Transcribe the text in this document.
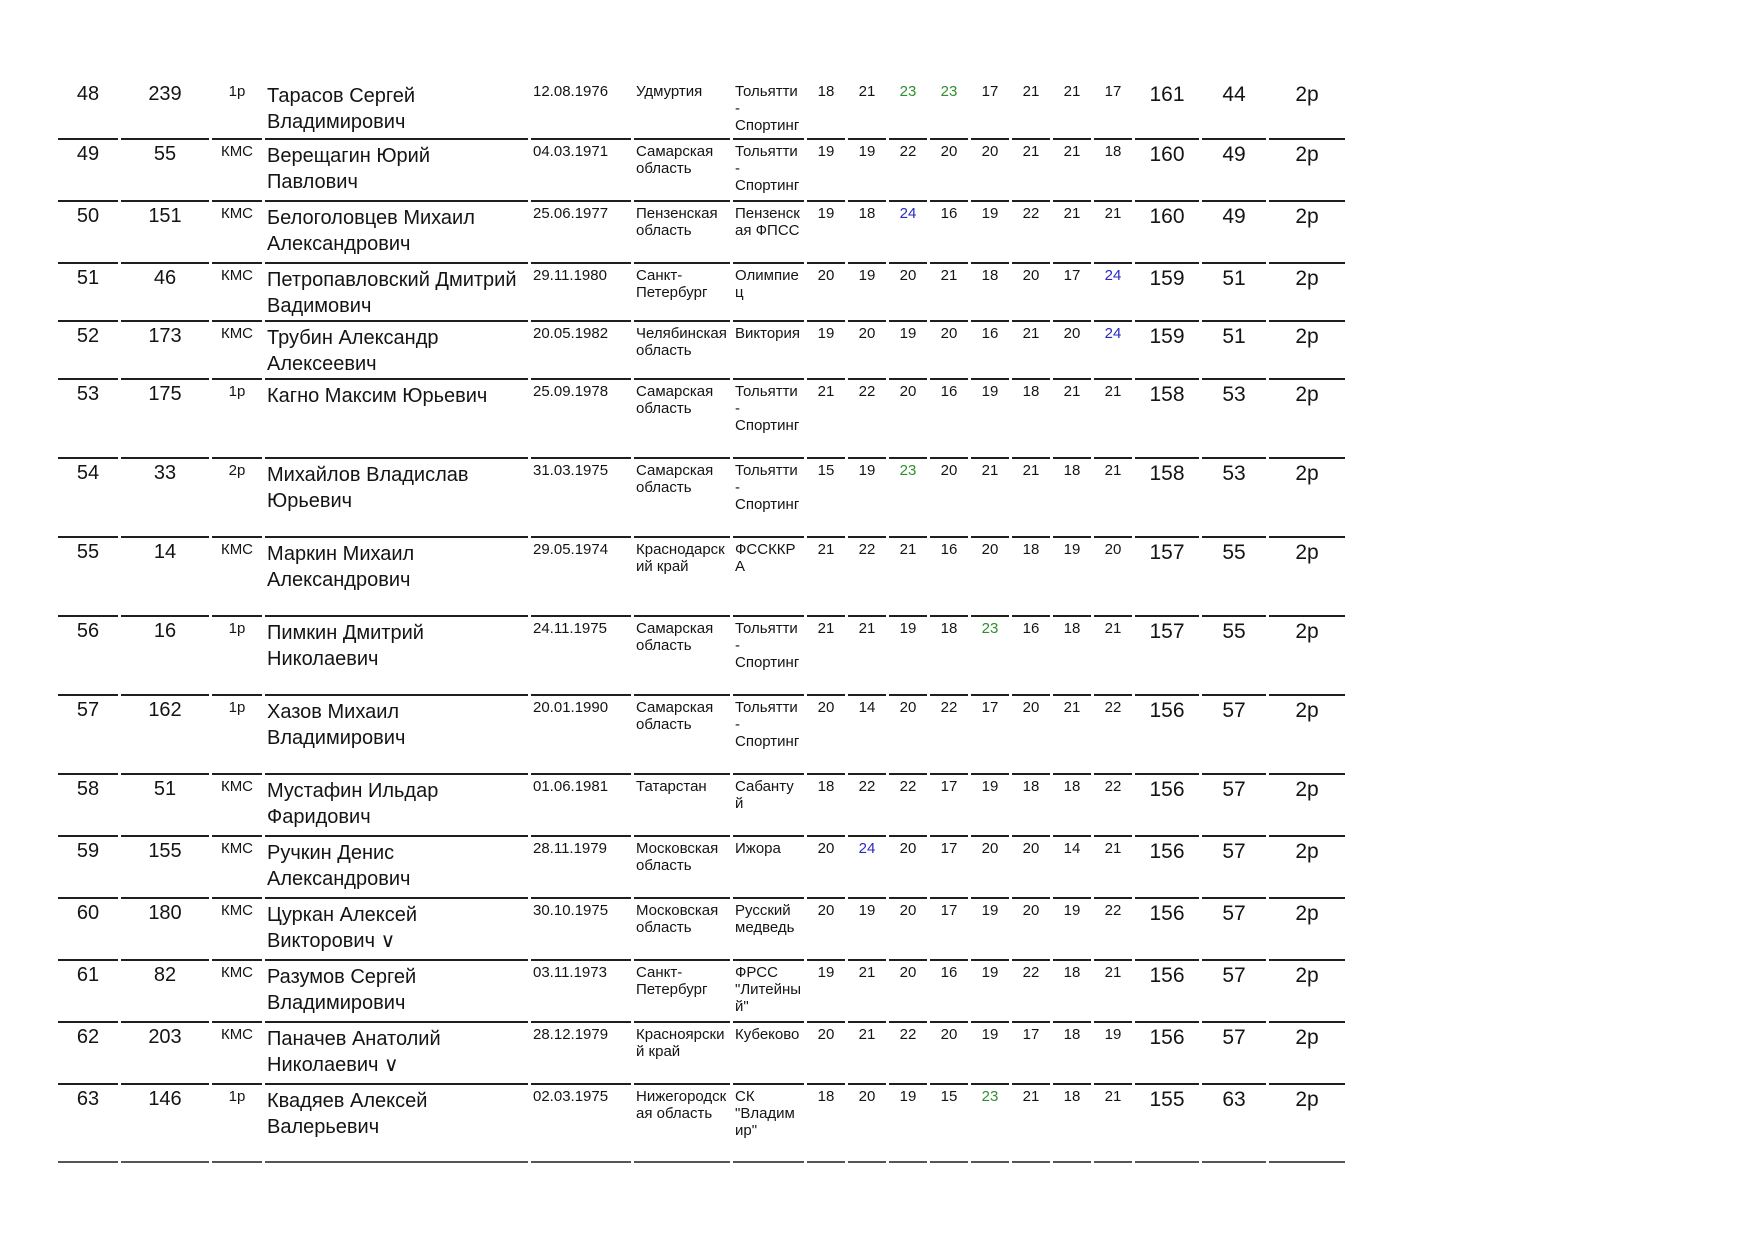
48	239	1р	Тарасов Сергей Владимирович	12.08.1976	Удмуртия	Тольятти - Спортинг	18	21	23	23	17	21	21	17	161	44	2р
49	55	КМС	Верещагин Юрий Павлович	04.03.1971	Самарская область	Тольятти - Спортинг	19	19	22	20	20	21	21	18	160	49	2р
50	151	КМС	Белоголовцев Михаил Александрович	25.06.1977	Пензенская область	Пензенская ФПСС	19	18	24	16	19	22	21	21	160	49	2р
51	46	КМС	Петропавловский Дмитрий Вадимович	29.11.1980	Санкт-Петербург	Олимпиец	20	19	20	21	18	20	17	24	159	51	2р
52	173	КМС	Трубин Александр Алексеевич	20.05.1982	Челябинская область	Виктория	19	20	19	20	16	21	20	24	159	51	2р
53	175	1р	Кагно Максим Юрьевич	25.09.1978	Самарская область	Тольятти - Спортинг	21	22	20	16	19	18	21	21	158	53	2р
54	33	2р	Михайлов Владислав Юрьевич	31.03.1975	Самарская область	Тольятти - Спортинг	15	19	23	20	21	21	18	21	158	53	2р
55	14	КМС	Маркин Михаил Александрович	29.05.1974	Краснодарский край	ФССККРА	21	22	21	16	20	18	19	20	157	55	2р
56	16	1р	Пимкин Дмитрий Николаевич	24.11.1975	Самарская область	Тольятти - Спортинг	21	21	19	18	23	16	18	21	157	55	2р
57	162	1р	Хазов Михаил Владимирович	20.01.1990	Самарская область	Тольятти - Спортинг	20	14	20	22	17	20	21	22	156	57	2р
58	51	КМС	Мустафин Ильдар Фаридович	01.06.1981	Татарстан	Сабантуй	18	22	22	17	19	18	18	22	156	57	2р
59	155	КМС	Ручкин Денис Александрович	28.11.1979	Московская область	Ижора	20	24	20	17	20	20	14	21	156	57	2р
60	180	КМС	Цуркан Алексей Викторович ∨	30.10.1975	Московская область	Русский медведь	20	19	20	17	19	20	19	22	156	57	2р
61	82	КМС	Разумов Сергей Владимирович	03.11.1973	Санкт-Петербург	ФРСС "Литейный"	19	21	20	16	19	22	18	21	156	57	2р
62	203	КМС	Паначев Анатолий Николаевич ∨	28.12.1979	Красноярский край	Кубеково	20	21	22	20	19	17	18	19	156	57	2р
63	146	1р	Квадяев Алексей Валерьевич	02.03.1975	Нижегородская область	СК "Владимир"	18	20	19	15	23	21	18	21	155	63	2р
